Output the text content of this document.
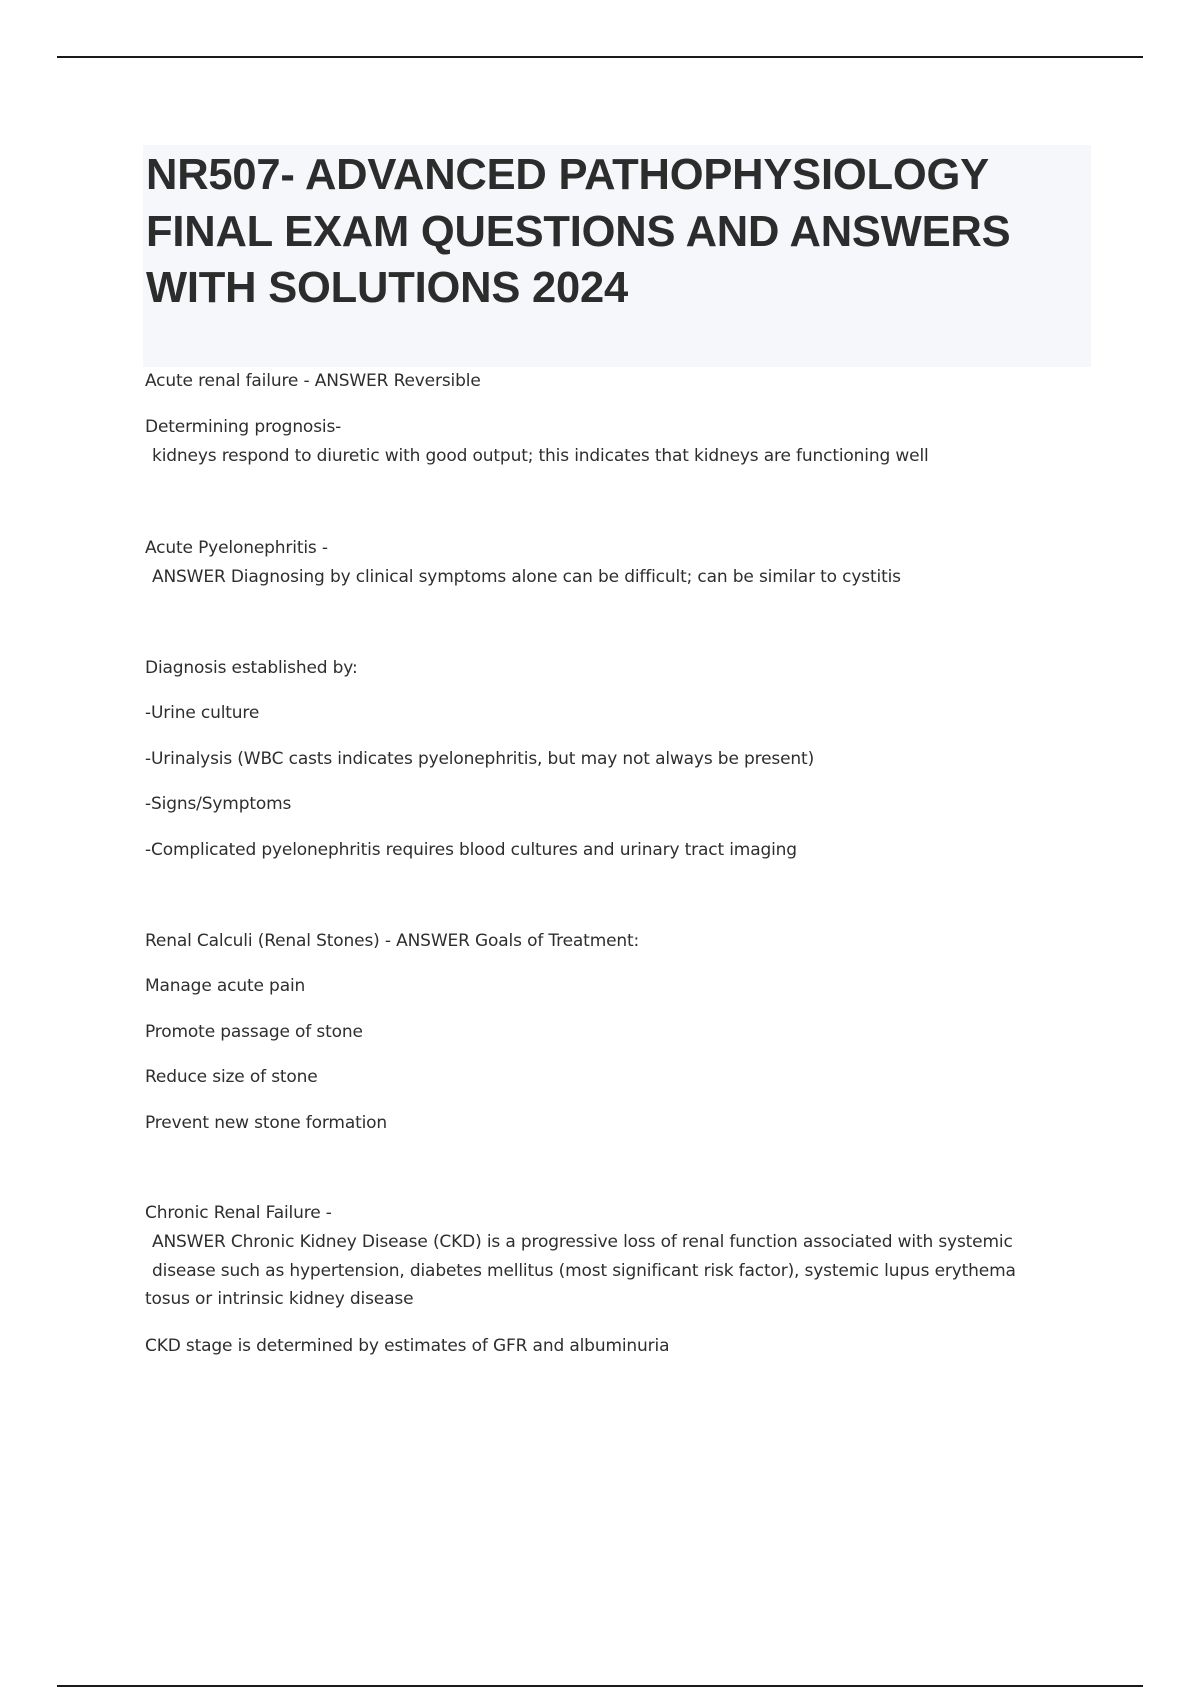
NR507- ADVANCED PATHOPHYSIOLOGY FINAL EXAM QUESTIONS AND ANSWERS WITH SOLUTIONS 2024

Acute renal failure - ANSWER Reversible

Determining prognosis-

kidneys respond to diuretic with good output; this indicates that kidneys are functioning well

Acute Pyelonephritis -

ANSWER Diagnosing by clinical symptoms alone can be difficult; can be similar to cystitis

Diagnosis established by:

-Urine culture

-Urinalysis (WBC casts indicates pyelonephritis, but may not always be present)

-Signs/Symptoms

-Complicated pyelonephritis requires blood cultures and urinary tract imaging

Renal Calculi (Renal Stones) - ANSWER Goals of Treatment:

Manage acute pain

Promote passage of stone

Reduce size of stone

Prevent new stone formation

Chronic Renal Failure -

ANSWER Chronic Kidney Disease (CKD) is a progressive loss of renal function associated with systemic

disease such as hypertension, diabetes mellitus (most significant risk factor), systemic lupus erythema

tosus or intrinsic kidney disease

CKD stage is determined by estimates of GFR and albuminuria
